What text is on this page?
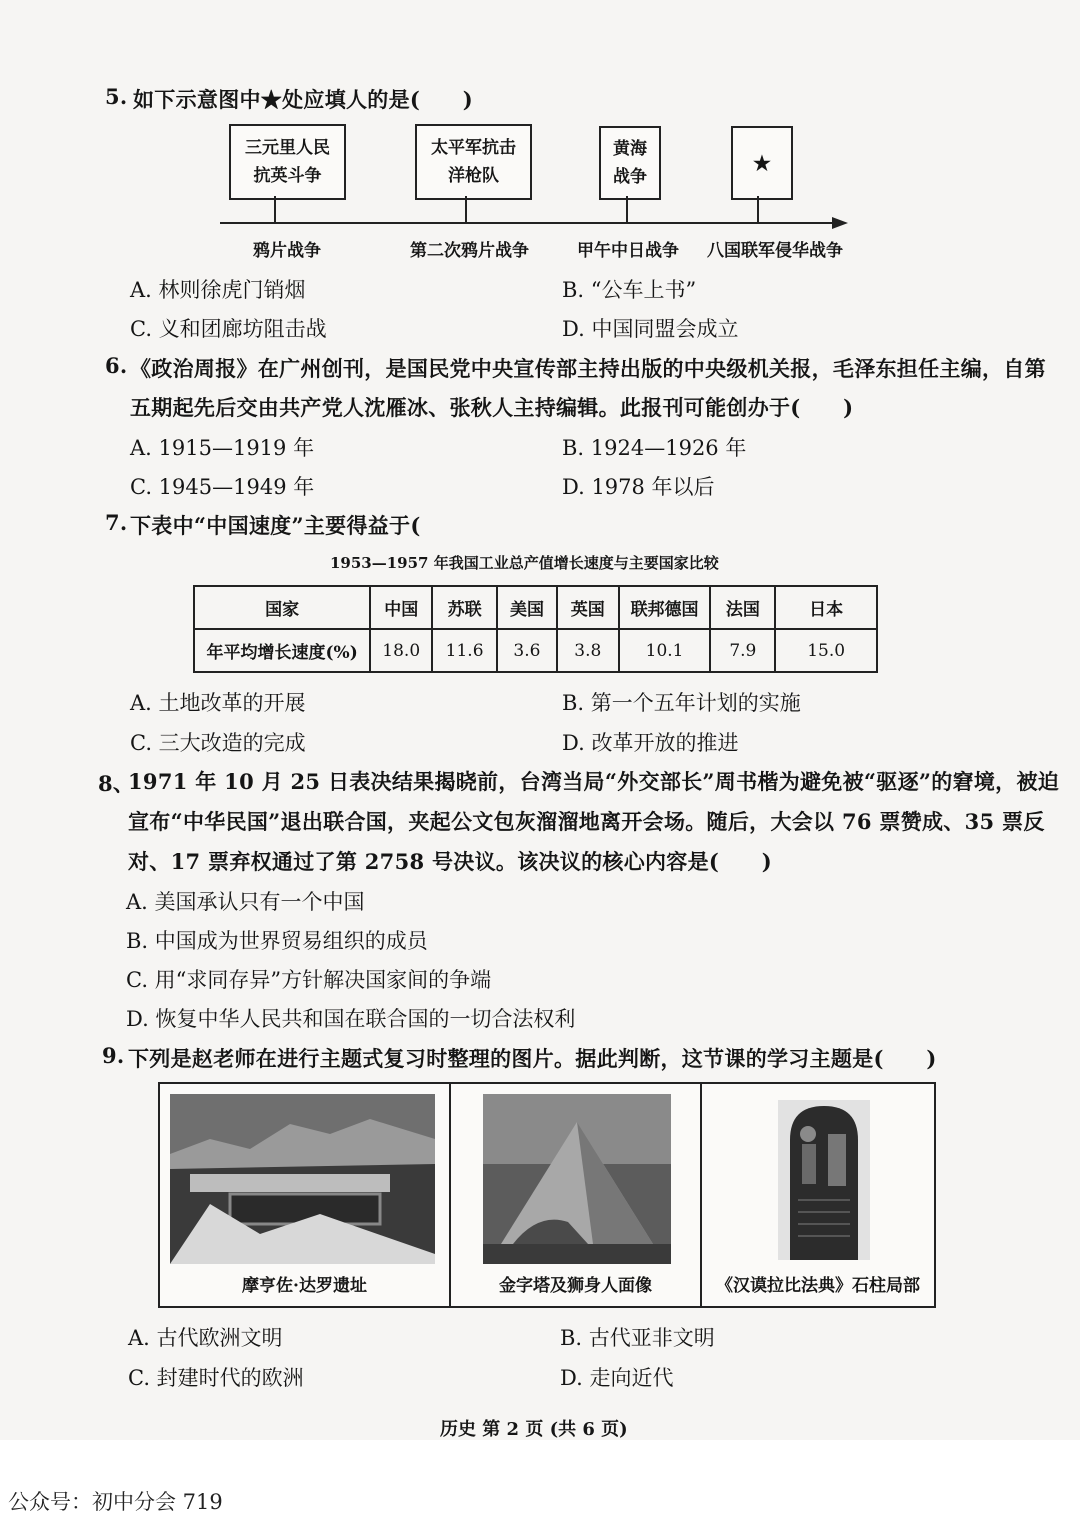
5. 如下示意图中★处应填人的是(　　)
三元里人民
抗英斗争
太平军抗击
洋枪队
黄海
战争
★
鸦片战争	第二次鸦片战争	甲午中日战争 八国联军侵华战争
A. 林则徐虎门销烟	B. “公车上书”
C. 义和团廊坊阻击战	D. 中国同盟会成立
6. 《政治周报》在广州创刊，是国民党中央宣传部主持出版的中央级机关报，毛泽东担任主编，自第
五期起先后交由共产党人沈雁冰、张秋人主持编辑。此报刊可能创办于(　　)
A. 1915—1919 年	B. 1924—1926 年
C. 1945—1949 年	D. 1978 年以后
7. 下表中“中国速度”主要得益于(
1953—1957 年我国工业总产值增长速度与主要国家比较
国家	中国	苏联	美国	英国	联邦德国	法国	日本
年平均增长速度(%)	18.0	11.6	3.6	3.8	10.1	7.9	15.0
A. 土地改革的开展	B. 第一个五年计划的实施
C. 三大改造的完成	D. 改革开放的推进
8、
1971 年 10 月 25 日表决结果揭晓前，台湾当局“外交部长”周书楷为避免被“驱逐”的窘境，被迫
宣布“中华民国”退出联合国，夹起公文包灰溜溜地离开会场。随后，大会以 76 票赞成、35 票反
对、17 票弃权通过了第 2758 号决议。该决议的核心内容是(　　)
A. 美国承认只有一个中国
B. 中国成为世界贸易组织的成员
C. 用“求同存异”方针解决国家间的争端
D. 恢复中华人民共和国在联合国的一切合法权利
9. 下列是赵老师在进行主题式复习时整理的图片。据此判断，这节课的学习主题是(　　)
摩亨佐·达罗遗址	金字塔及狮身人面像	《汉谟拉比法典》石柱局部
A. 古代欧洲文明	B. 古代亚非文明
C. 封建时代的欧洲	D. 走向近代
历史 第 2 页 (共 6 页)
公众号：初中分会 719
